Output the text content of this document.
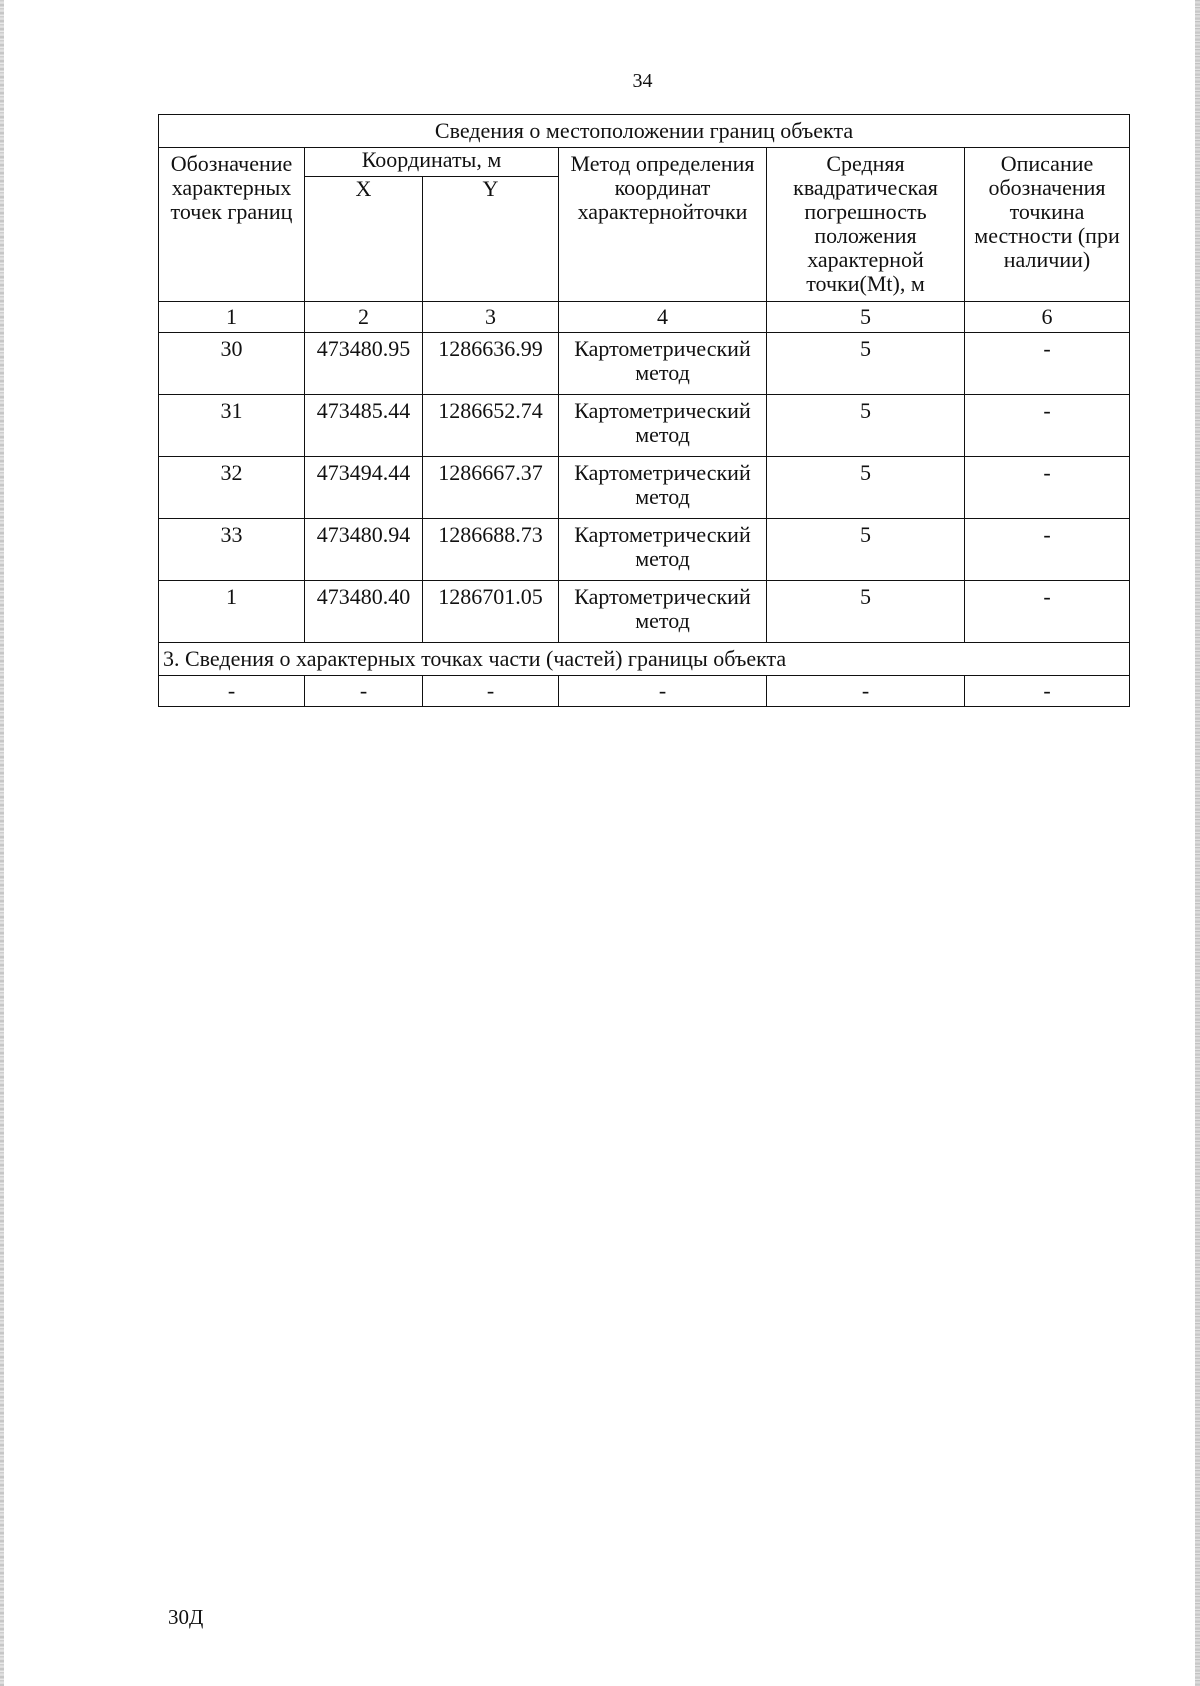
34
Сведения о местоположении границ объекта					
Обозначение характерных точек границ	Координаты, м		Метод определения координат характернойточки	Средняя квадратическая погрешность положения характерной точки(Mt), м	Описание обозначения точкина местности (при наличии)
	X	Y			
1	2	3	4	5	6
30	473480.95	1286636.99	Картометрический метод	5	-
31	473485.44	1286652.74	Картометрический метод	5	-
32	473494.44	1286667.37	Картометрический метод	5	-
33	473480.94	1286688.73	Картометрический метод	5	-
1	473480.40	1286701.05	Картометрический метод	5	-
3. Сведения о характерных точках части (частей) границы объекта					
-	-	-	-	-	-
30Д
